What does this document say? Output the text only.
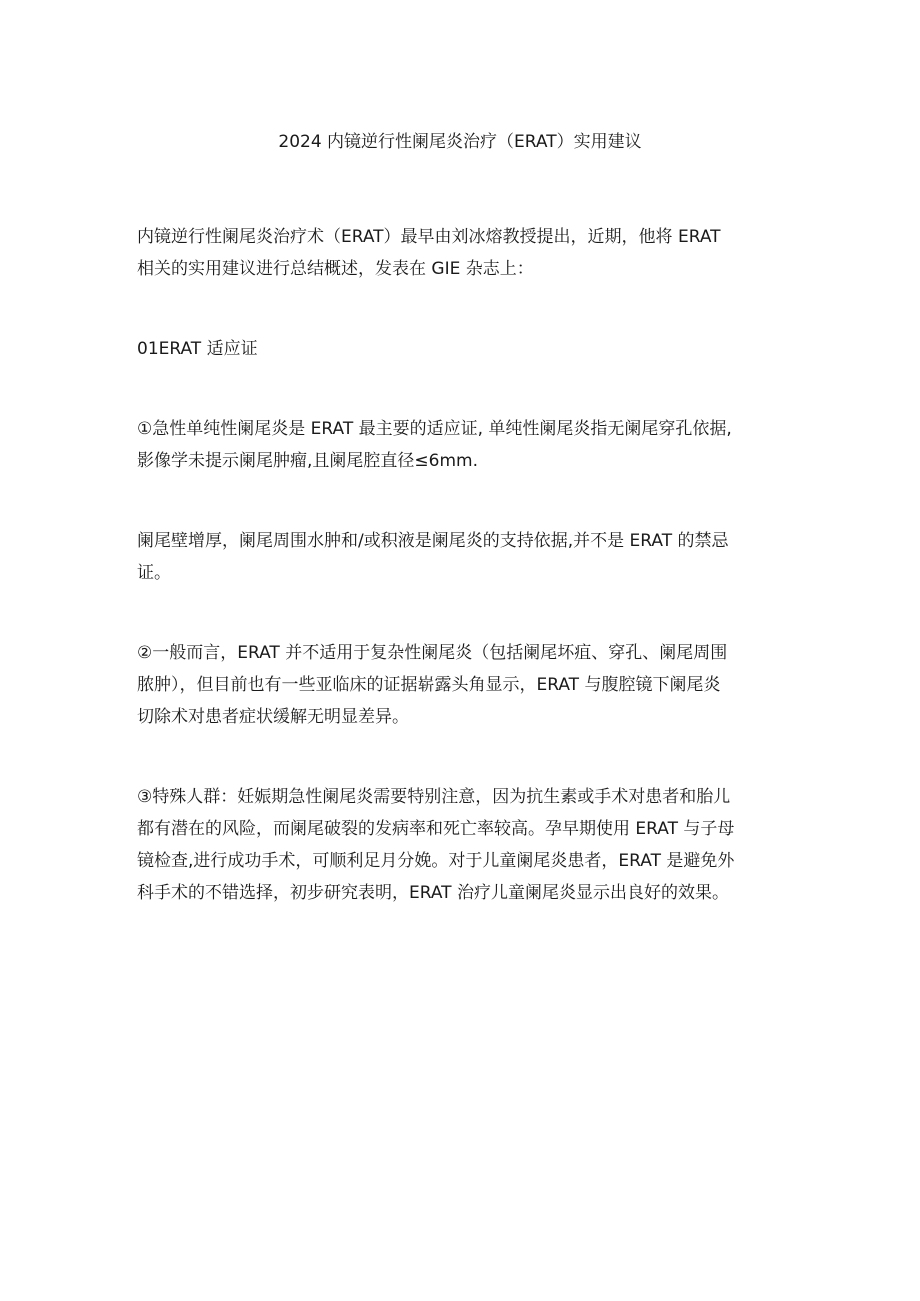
2024 内镜逆行性阑尾炎治疗（ERAT）实用建议

内镜逆行性阑尾炎治疗术（ERAT）最早由刘冰熔教授提出，近期，他将 ERAT
相关的实用建议进行总结概述，发表在 GIE 杂志上：

01ERAT 适应证

①急性单纯性阑尾炎是 ERAT 最主要的适应证, 单纯性阑尾炎指无阑尾穿孔依据,
影像学未提示阑尾肿瘤,且阑尾腔直径≤6mm.

阑尾壁增厚，阑尾周围水肿和/或积液是阑尾炎的支持依据,并不是 ERAT 的禁忌
证。

②一般而言，ERAT 并不适用于复杂性阑尾炎（包括阑尾坏疽、穿孔、阑尾周围
脓肿），但目前也有一些亚临床的证据崭露头角显示，ERAT 与腹腔镜下阑尾炎
切除术对患者症状缓解无明显差异。

③特殊人群：妊娠期急性阑尾炎需要特别注意，因为抗生素或手术对患者和胎儿
都有潜在的风险，而阑尾破裂的发病率和死亡率较高。孕早期使用 ERAT 与子母
镜检查,进行成功手术，可顺利足月分娩。对于儿童阑尾炎患者，ERAT 是避免外
科手术的不错选择，初步研究表明，ERAT 治疗儿童阑尾炎显示出良好的效果。
